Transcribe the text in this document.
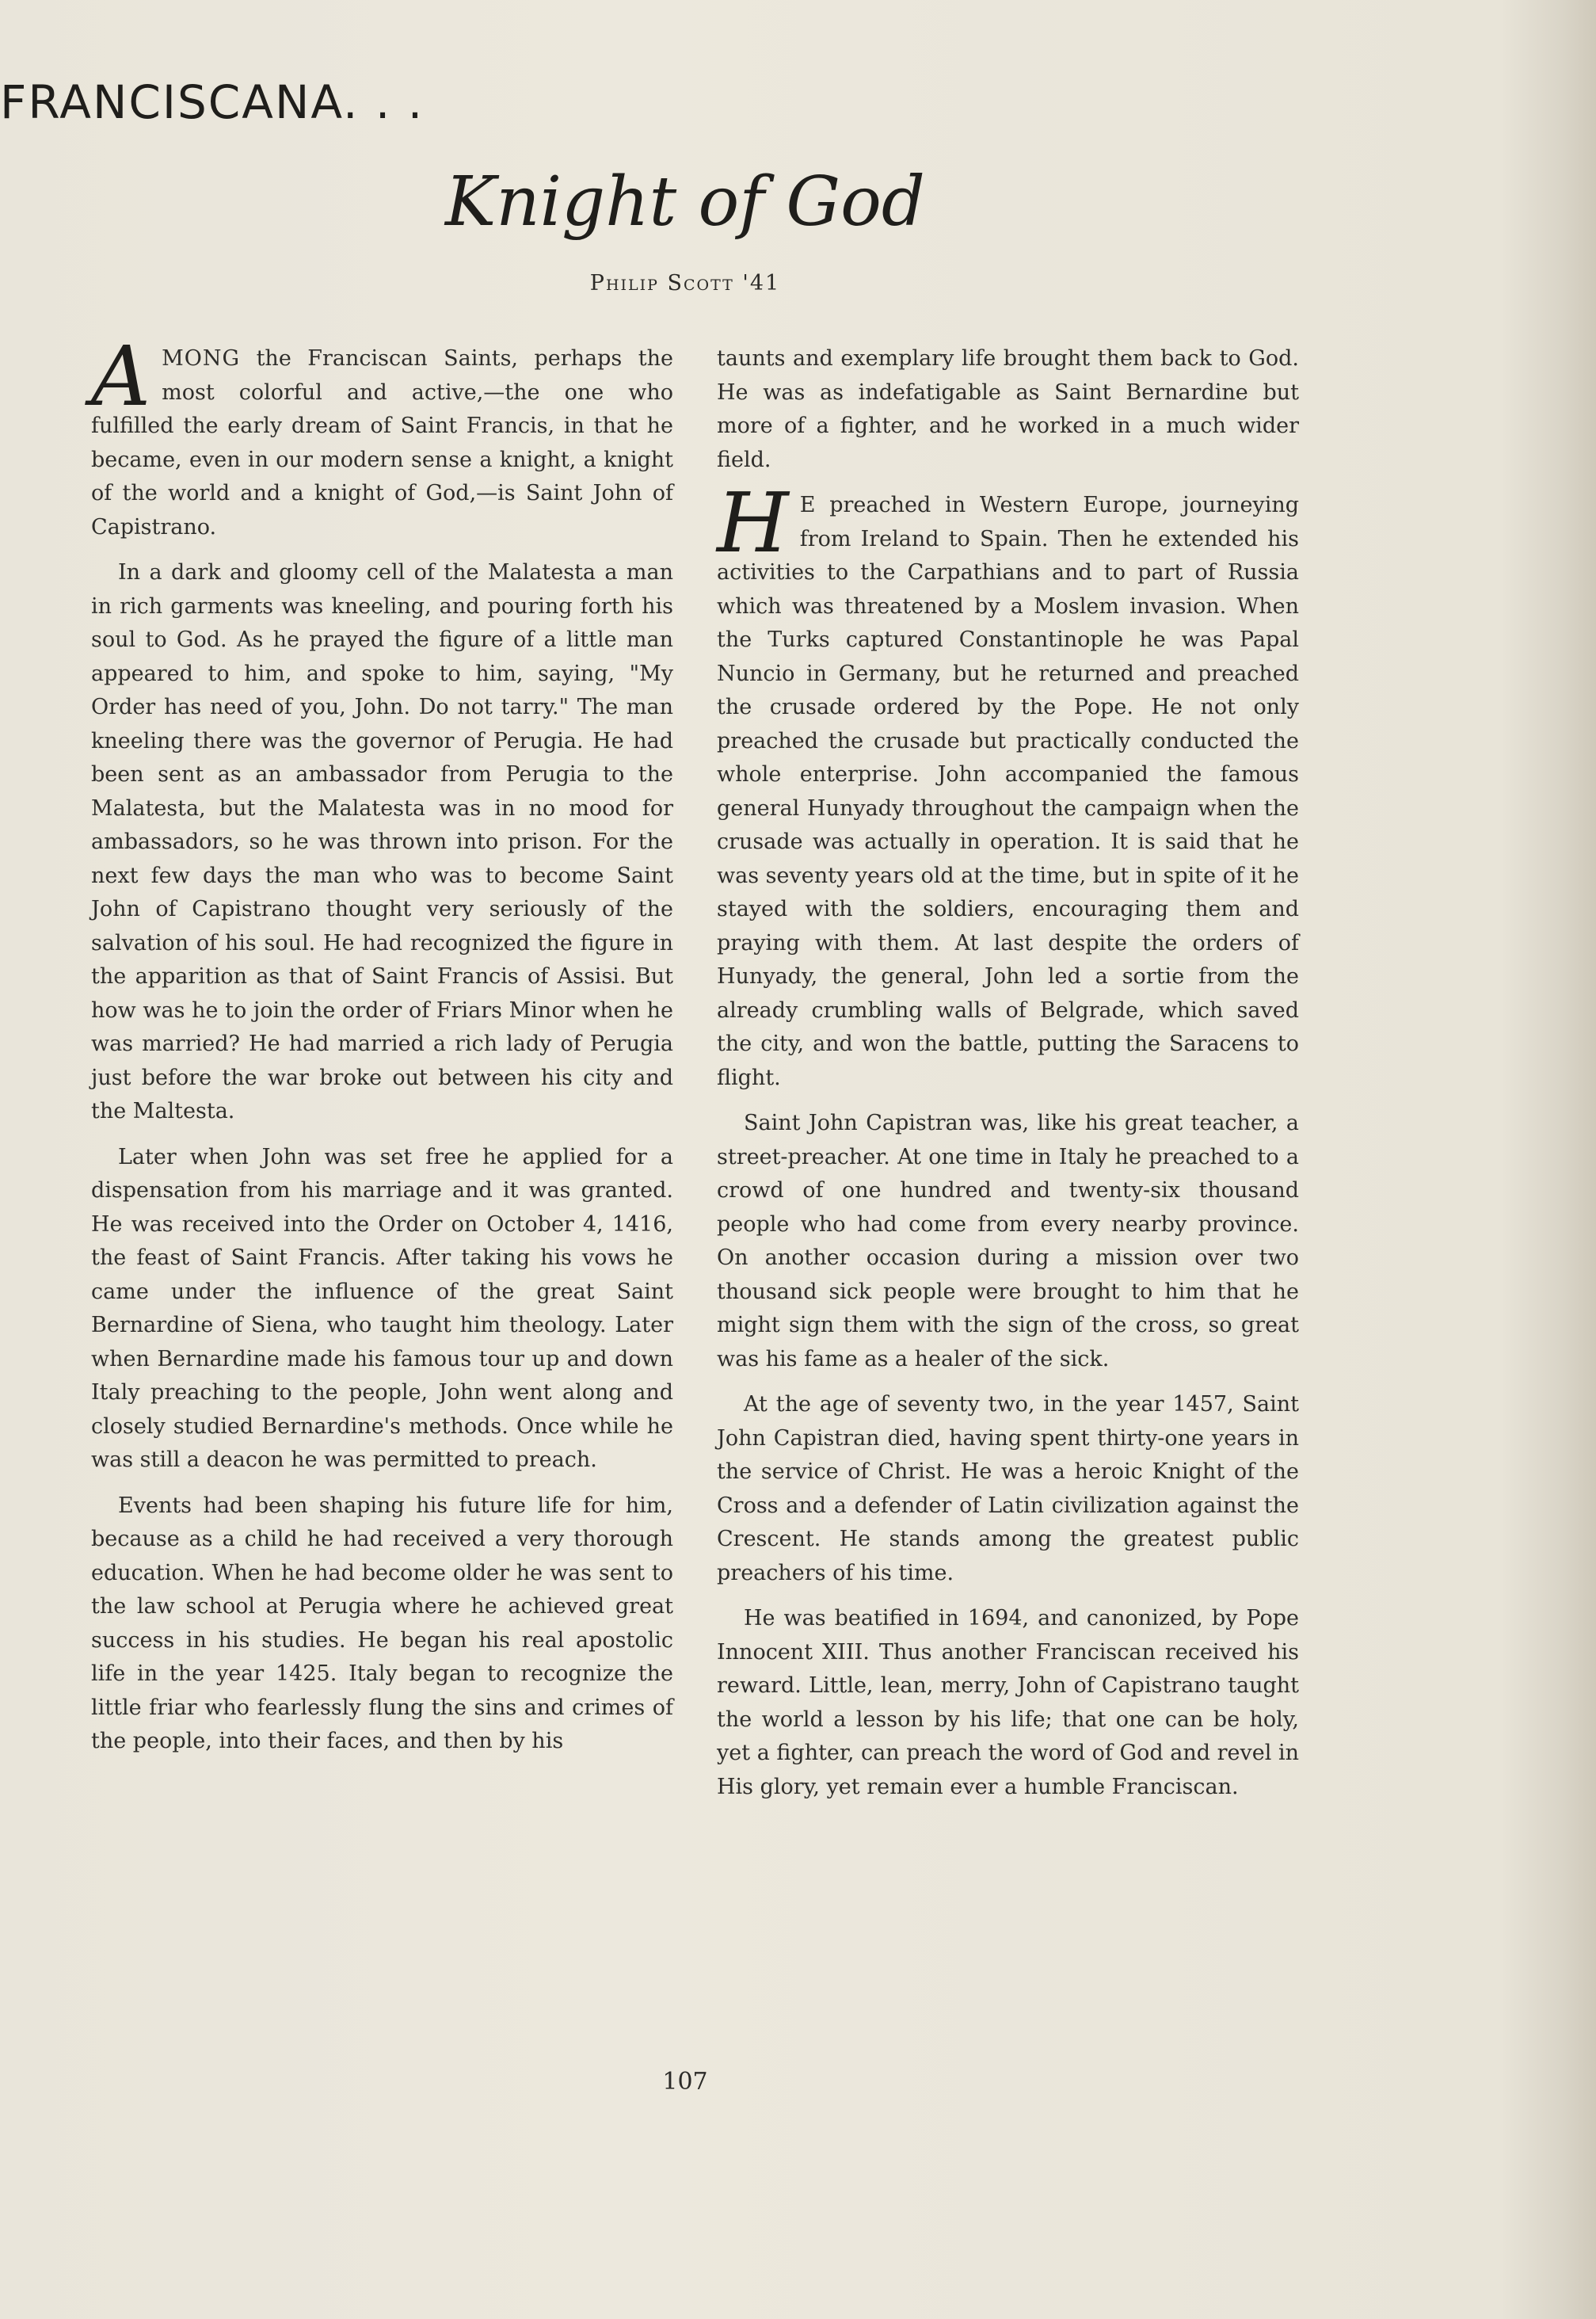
FRANCISCANA. . .
Knight of God
Philip Scott '41

AMONG the Franciscan Saints, perhaps the most colorful and active,—the one who fulfilled the early dream of Saint Francis, in that he became, even in our modern sense a knight, a knight of the world and a knight of God,—is Saint John of Capistrano.

In a dark and gloomy cell of the Malatesta a man in rich garments was kneeling, and pouring forth his soul to God. As he prayed the figure of a little man appeared to him, and spoke to him, saying, "My Order has need of you, John. Do not tarry." The man kneeling there was the governor of Perugia. He had been sent as an ambassador from Perugia to the Malatesta, but the Malatesta was in no mood for ambassadors, so he was thrown into prison. For the next few days the man who was to become Saint John of Capistrano thought very seriously of the salvation of his soul. He had recognized the figure in the apparition as that of Saint Francis of Assisi. But how was he to join the order of Friars Minor when he was married? He had married a rich lady of Perugia just before the war broke out between his city and the Maltesta.

Later when John was set free he applied for a dispensation from his marriage and it was granted. He was received into the Order on October 4, 1416, the feast of Saint Francis. After taking his vows he came under the influence of the great Saint Bernardine of Siena, who taught him theology. Later when Bernardine made his famous tour up and down Italy preaching to the people, John went along and closely studied Bernardine's methods. Once while he was still a deacon he was permitted to preach.

Events had been shaping his future life for him, because as a child he had received a very thorough education. When he had become older he was sent to the law school at Perugia where he achieved great success in his studies. He began his real apostolic life in the year 1425. Italy began to recognize the little friar who fearlessly flung the sins and crimes of the people, into their faces, and then by his

taunts and exemplary life brought them back to God. He was as indefatigable as Saint Bernardine but more of a fighter, and he worked in a much wider field.

H E preached in Western Europe, journeying from Ireland to Spain. Then he extended his activities to the Carpathians and to part of Russia which was threatened by a Moslem invasion. When the Turks captured Constantinople he was Papal Nuncio in Germany, but he returned and preached the crusade ordered by the Pope. He not only preached the crusade but practically conducted the whole enterprise. John accompanied the famous general Hunyady throughout the campaign when the crusade was actually in operation. It is said that he was seventy years old at the time, but in spite of it he stayed with the soldiers, encouraging them and praying with them. At last despite the orders of Hunyady, the general, John led a sortie from the already crumbling walls of Belgrade, which saved the city, and won the battle, putting the Saracens to flight.

Saint John Capistran was, like his great teacher, a street-preacher. At one time in Italy he preached to a crowd of one hundred and twenty-six thousand people who had come from every nearby province. On another occasion during a mission over two thousand sick people were brought to him that he might sign them with the sign of the cross, so great was his fame as a healer of the sick.

At the age of seventy two, in the year 1457, Saint John Capistran died, having spent thirty-one years in the service of Christ. He was a heroic Knight of the Cross and a defender of Latin civilization against the Crescent. He stands among the greatest public preachers of his time.

He was beatified in 1694, and canonized, by Pope Innocent XIII. Thus another Franciscan received his reward. Little, lean, merry, John of Capistrano taught the world a lesson by his life; that one can be holy, yet a fighter, can preach the word of God and revel in His glory, yet remain ever a humble Franciscan.

107
